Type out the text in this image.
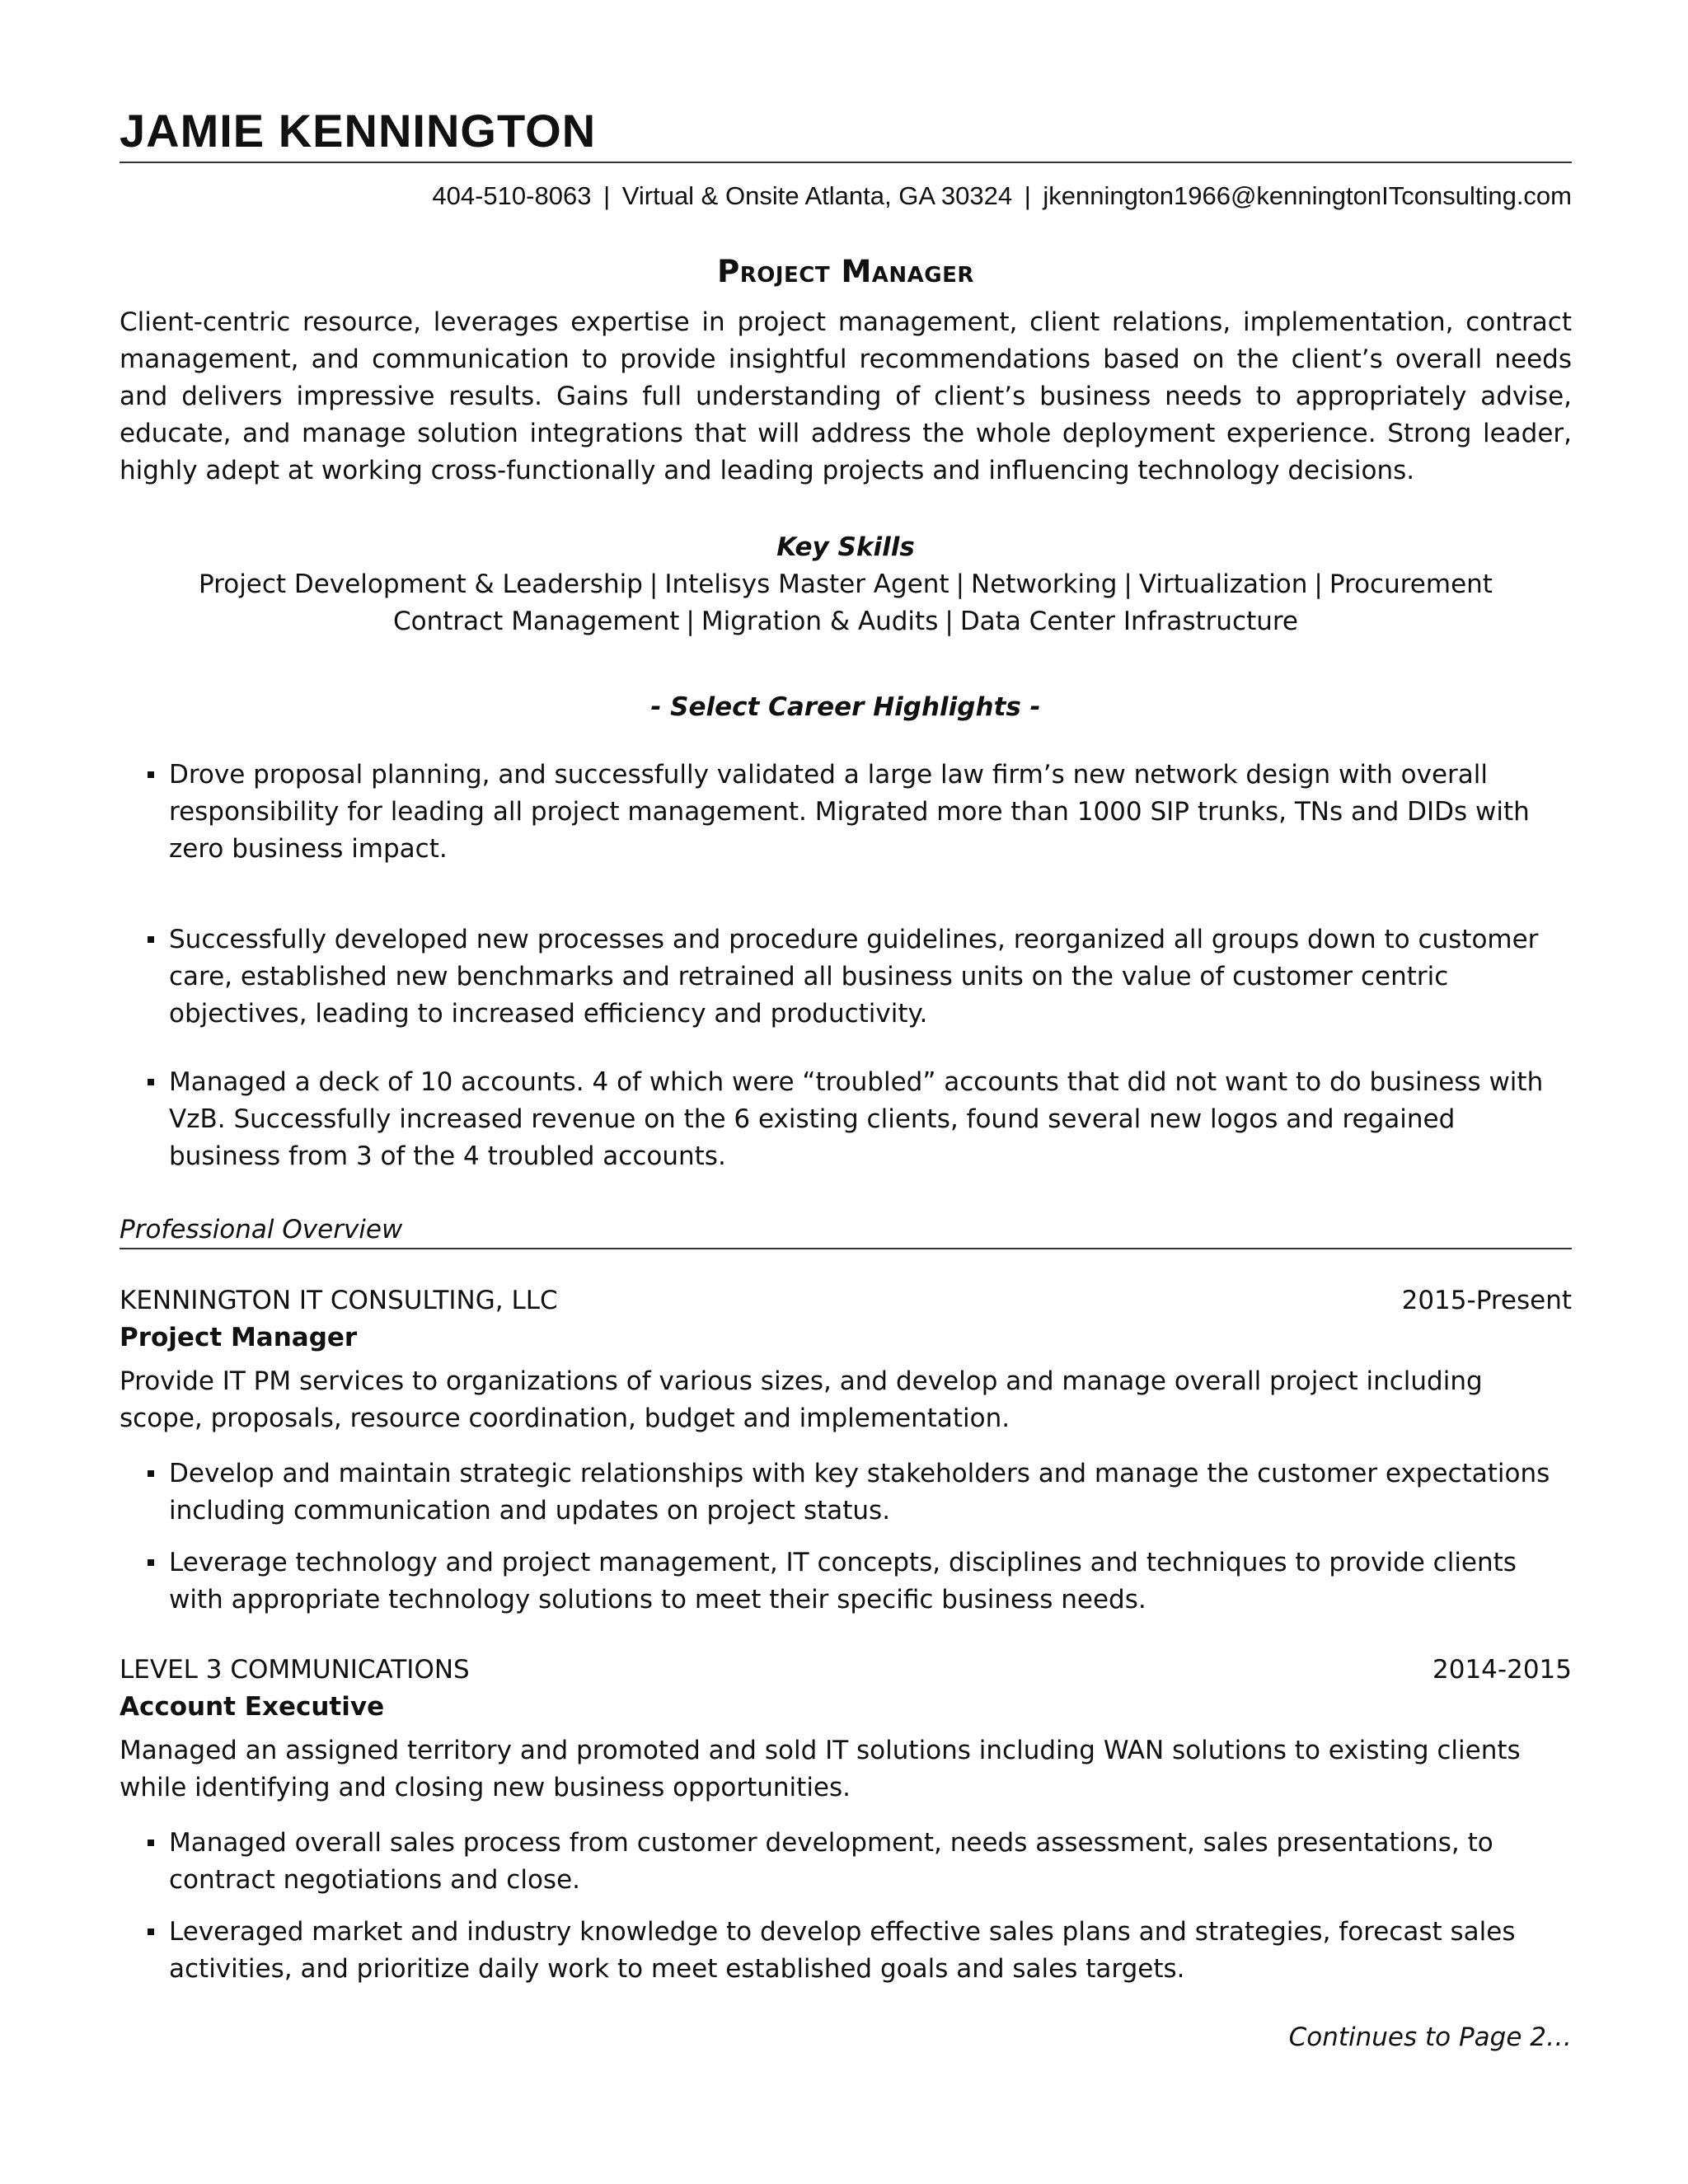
JAMIE KENNINGTON
404-510-8063 | Virtual & Onsite Atlanta, GA 30324 | jkennington1966@kenningtonITconsulting.com
Project Manager

Client-centric resource, leverages expertise in project management, client relations, implementation, contract management, and communication to provide insightful recommendations based on the client’s overall needs and delivers impressive results. Gains full understanding of client’s business needs to appropriately advise, educate, and manage solution integrations that will address the whole deployment experience. Strong leader, highly adept at working cross-functionally and leading projects and influencing technology decisions.

Key Skills
Project Development & Leadership | Intelisys Master Agent | Networking | Virtualization | Procurement
Contract Management | Migration & Audits | Data Center Infrastructure
- Select Career Highlights -
Drove proposal planning, and successfully validated a large law firm’s new network design with overall responsibility for leading all project management. Migrated more than 1000 SIP trunks, TNs and DIDs with zero business impact.
Successfully developed new processes and procedure guidelines, reorganized all groups down to customer care, established new benchmarks and retrained all business units on the value of customer centric objectives, leading to increased efficiency and productivity.
Managed a deck of 10 accounts. 4 of which were “troubled” accounts that did not want to do business with VzB. Successfully increased revenue on the 6 existing clients, found several new logos and regained business from 3 of the 4 troubled accounts.
Professional Overview
KENNINGTON IT CONSULTING, LLC	2015-Present
Project Manager

Provide IT PM services to organizations of various sizes, and develop and manage overall project including scope, proposals, resource coordination, budget and implementation.

Develop and maintain strategic relationships with key stakeholders and manage the customer expectations including communication and updates on project status.
Leverage technology and project management, IT concepts, disciplines and techniques to provide clients with appropriate technology solutions to meet their specific business needs.
LEVEL 3 COMMUNICATIONS	2014-2015
Account Executive

Managed an assigned territory and promoted and sold IT solutions including WAN solutions to existing clients while identifying and closing new business opportunities.

Managed overall sales process from customer development, needs assessment, sales presentations, to contract negotiations and close.
Leveraged market and industry knowledge to develop effective sales plans and strategies, forecast sales activities, and prioritize daily work to meet established goals and sales targets.
Continues to Page 2…
